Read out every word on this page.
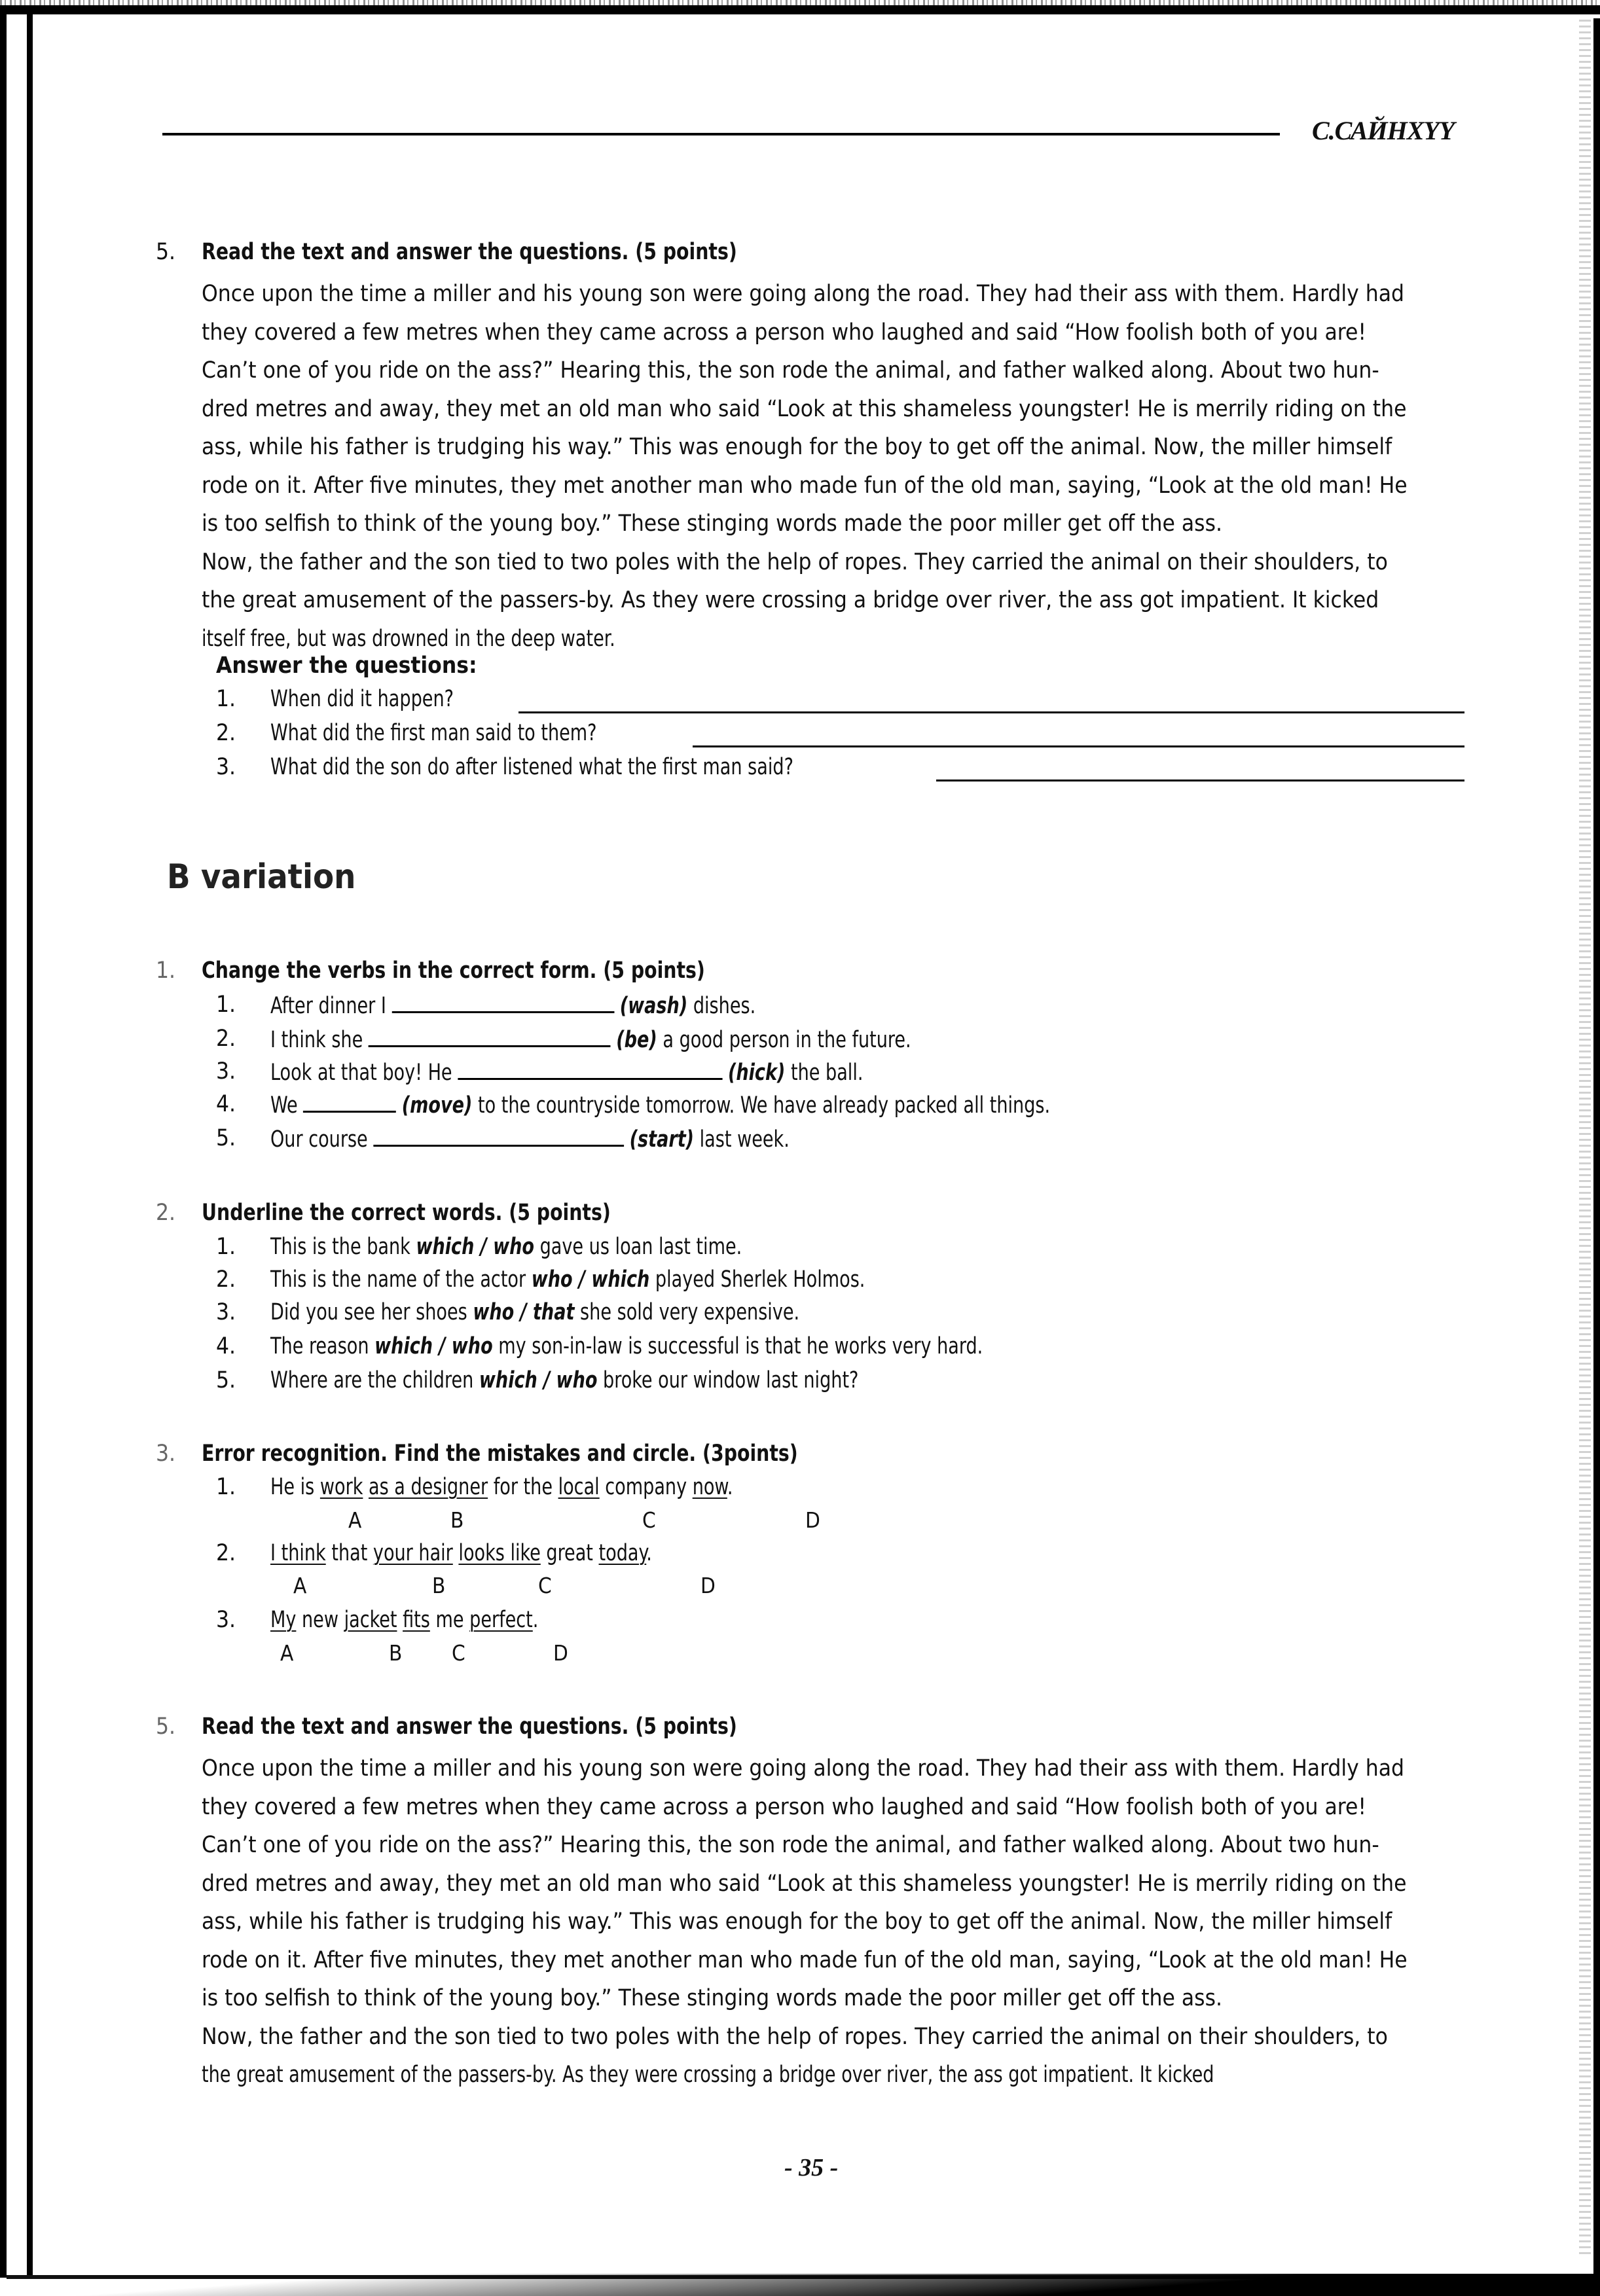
С.САЙНХҮҮ
5. Read the text and answer the questions. (5 points)
Once upon the time a miller and his young son were going along the road. They had their ass with them. Hardly had
they covered a few metres when they came across a person who laughed and said “How foolish both of you are!
Can’t one of you ride on the ass?” Hearing this, the son rode the animal, and father walked along. About two hun-
dred metres and away, they met an old man who said “Look at this shameless youngster! He is merrily riding on the
ass, while his father is trudging his way.” This was enough for the boy to get off the animal. Now, the miller himself
rode on it. After five minutes, they met another man who made fun of the old man, saying, “Look at the old man! He
is too selfish to think of the young boy.” These stinging words made the poor miller get off the ass.
Now, the father and the son tied to two poles with the help of ropes. They carried the animal on their shoulders, to
the great amusement of the passers-by. As they were crossing a bridge over river, the ass got impatient. It kicked
itself free, but was drowned in the deep water.
Answer the questions:
1. When did it happen?
2. What did the first man said to them?
3. What did the son do after listened what the first man said?
B variation
1. Change the verbs in the correct form. (5 points)
1. After dinner I	(wash) dishes.
2. I think she	(be) a good person in the future.
3. Look at that boy! He	(hick) the ball.
4. We	(move) to the countryside tomorrow. We have already packed all things.
5. Our course	(start) last week.
2. Underline the correct words. (5 points)
1. This is the bank which / who gave us loan last time.
2. This is the name of the actor who / which played Sherlek Holmos.
3. Did you see her shoes who / that she sold very expensive.
4. The reason which / who my son-in-law is successful is that he works very hard.
5. Where are the children which / who broke our window last night?
3. Error recognition. Find the mistakes and circle. (3points)
1. He is work as a designer for the local company now.
A	B	C	D
2. I think that your hair looks like great today.
A	B	C	D
3. My new jacket fits me perfect.
A	B C	D
5. Read the text and answer the questions. (5 points)
Once upon the time a miller and his young son were going along the road. They had their ass with them. Hardly had
they covered a few metres when they came across a person who laughed and said “How foolish both of you are!
Can’t one of you ride on the ass?” Hearing this, the son rode the animal, and father walked along. About two hun-
dred metres and away, they met an old man who said “Look at this shameless youngster! He is merrily riding on the
ass, while his father is trudging his way.” This was enough for the boy to get off the animal. Now, the miller himself
rode on it. After five minutes, they met another man who made fun of the old man, saying, “Look at the old man! He
is too selfish to think of the young boy.” These stinging words made the poor miller get off the ass.
Now, the father and the son tied to two poles with the help of ropes. They carried the animal on their shoulders, to
the great amusement of the passers-by. As they were crossing a bridge over river, the ass got impatient. It kicked
- 35 -
